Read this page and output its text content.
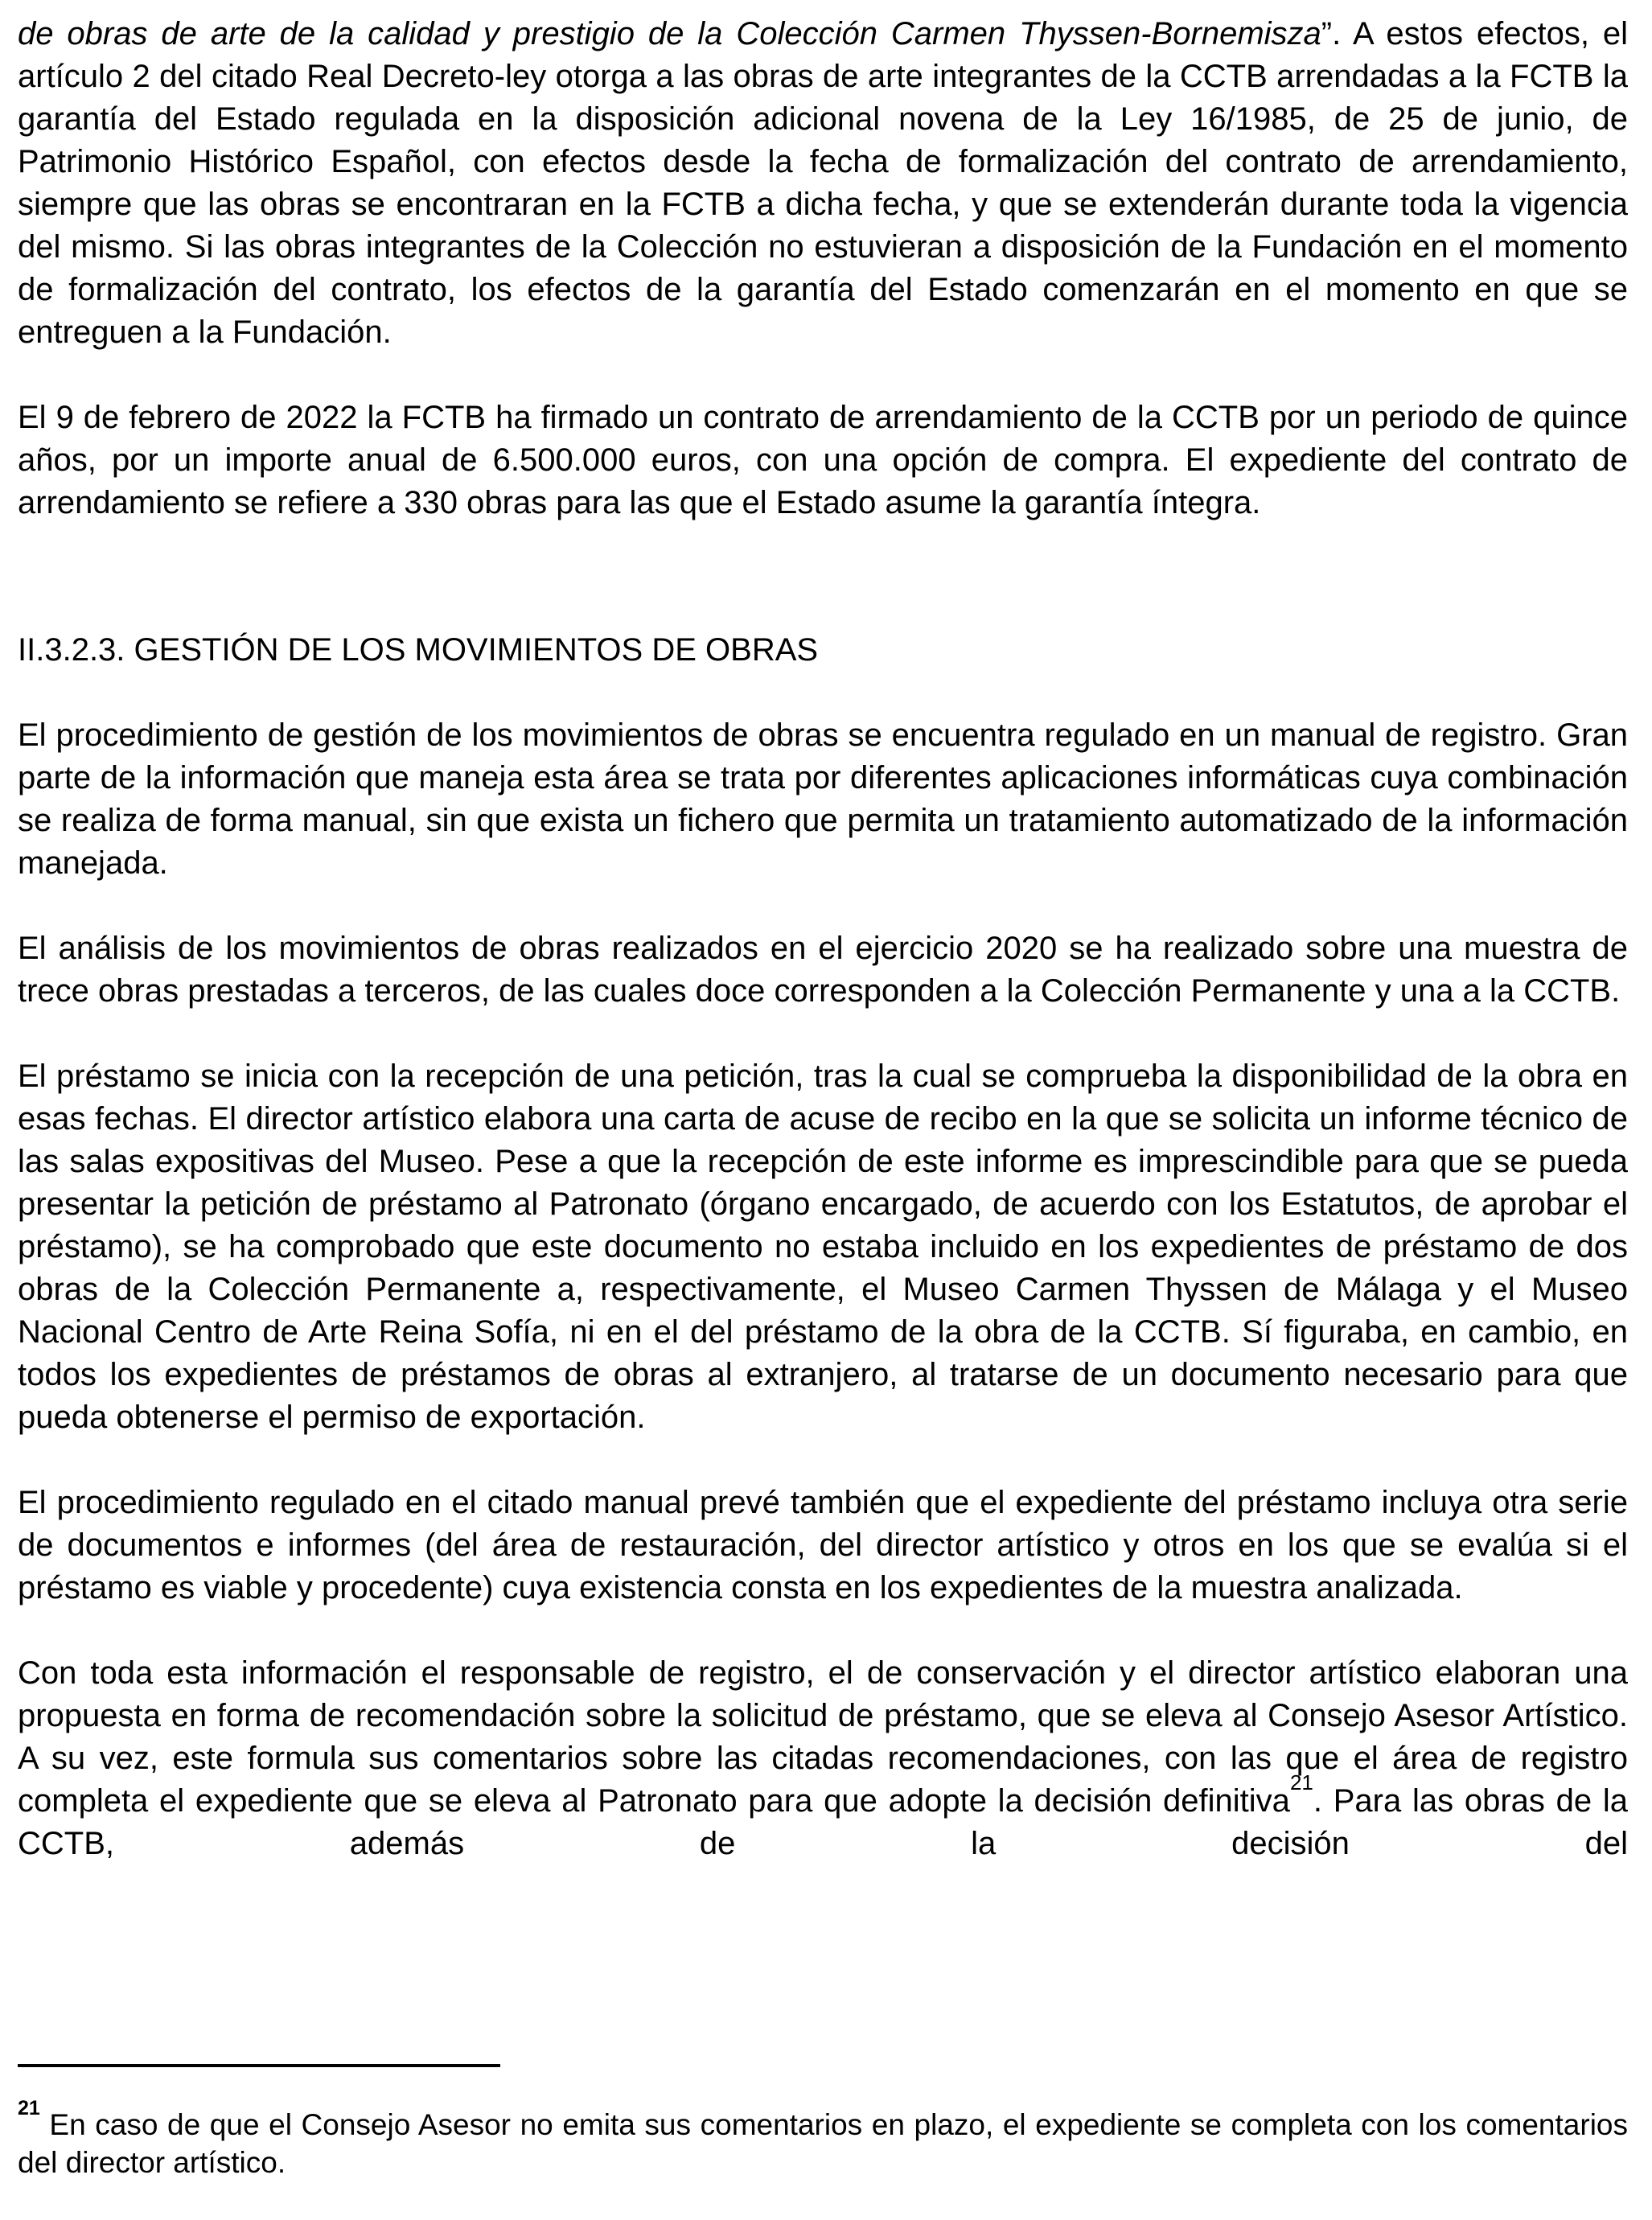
de obras de arte de la calidad y prestigio de la Colección Carmen Thyssen-Bornemisza”. A estos efectos, el artículo 2 del citado Real Decreto-ley otorga a las obras de arte integrantes de la CCTB arrendadas a la FCTB la garantía del Estado regulada en la disposición adicional novena de la Ley 16/1985, de 25 de junio, de Patrimonio Histórico Español, con efectos desde la fecha de formalización del contrato de arrendamiento, siempre que las obras se encontraran en la FCTB a dicha fecha, y que se extenderán durante toda la vigencia del mismo. Si las obras integrantes de la Colección no estuvieran a disposición de la Fundación en el momento de formalización del contrato, los efectos de la garantía del Estado comenzarán en el momento en que se entreguen a la Fundación.

El 9 de febrero de 2022 la FCTB ha firmado un contrato de arrendamiento de la CCTB por un periodo de quince años, por un importe anual de 6.500.000 euros, con una opción de compra. El expediente del contrato de arrendamiento se refiere a 330 obras para las que el Estado asume la garantía íntegra.

II.3.2.3. GESTIÓN DE LOS MOVIMIENTOS DE OBRAS

El procedimiento de gestión de los movimientos de obras se encuentra regulado en un manual de registro. Gran parte de la información que maneja esta área se trata por diferentes aplicaciones informáticas cuya combinación se realiza de forma manual, sin que exista un fichero que permita un tratamiento automatizado de la información manejada.

El análisis de los movimientos de obras realizados en el ejercicio 2020 se ha realizado sobre una muestra de trece obras prestadas a terceros, de las cuales doce corresponden a la Colección Permanente y una a la CCTB.

El préstamo se inicia con la recepción de una petición, tras la cual se comprueba la disponibilidad de la obra en esas fechas. El director artístico elabora una carta de acuse de recibo en la que se solicita un informe técnico de las salas expositivas del Museo. Pese a que la recepción de este informe es imprescindible para que se pueda presentar la petición de préstamo al Patronato (órgano encargado, de acuerdo con los Estatutos, de aprobar el préstamo), se ha comprobado que este documento no estaba incluido en los expedientes de préstamo de dos obras de la Colección Permanente a, respectivamente, el Museo Carmen Thyssen de Málaga y el Museo Nacional Centro de Arte Reina Sofía, ni en el del préstamo de la obra de la CCTB. Sí figuraba, en cambio, en todos los expedientes de préstamos de obras al extranjero, al tratarse de un documento necesario para que pueda obtenerse el permiso de exportación.

El procedimiento regulado en el citado manual prevé también que el expediente del préstamo incluya otra serie de documentos e informes (del área de restauración, del director artístico y otros en los que se evalúa si el préstamo es viable y procedente) cuya existencia consta en los expedientes de la muestra analizada.

Con toda esta información el responsable de registro, el de conservación y el director artístico elaboran una propuesta en forma de recomendación sobre la solicitud de préstamo, que se eleva al Consejo Asesor Artístico. A su vez, este formula sus comentarios sobre las citadas recomendaciones, con las que el área de registro completa el expediente que se eleva al Patronato para que adopte la decisión definitiva$^{21}$. Para las obras de la CCTB, además de la decisión del

$^{21}$ En caso de que el Consejo Asesor no emita sus comentarios en plazo, el expediente se completa con los comentarios del director artístico.
